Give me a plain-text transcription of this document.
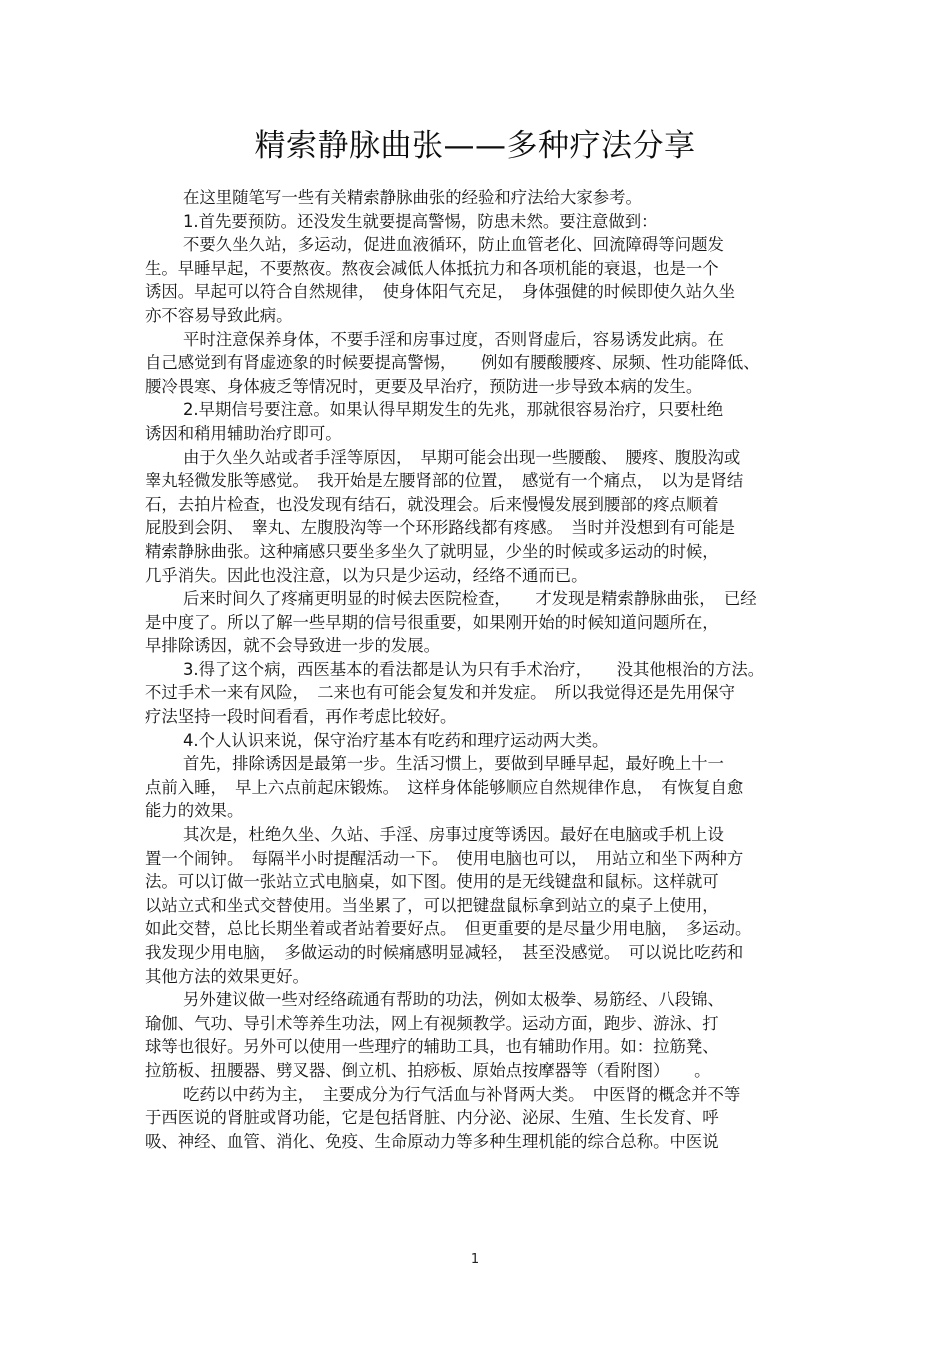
精索静脉曲张——多种疗法分享
在这里随笔写一些有关精索静脉曲张的经验和疗法给大家参考。
1.首先要预防。还没发生就要提高警惕，防患未然。要注意做到：
不要久坐久站，多运动，促进血液循环，防止血管老化、回流障碍等问题发
生。早睡早起，不要熬夜。熬夜会减低人体抵抗力和各项机能的衰退，也是一个
诱因。早起可以符合自然规律，　使身体阳气充足，　身体强健的时候即使久站久坐
亦不容易导致此病。
平时注意保养身体，不要手淫和房事过度，否则肾虚后，容易诱发此病。在
自己感觉到有肾虚迹象的时候要提高警惕，　　例如有腰酸腰疼、尿频、性功能降低、
腰冷畏寒、身体疲乏等情况时，更要及早治疗，预防进一步导致本病的发生。
2.早期信号要注意。如果认得早期发生的先兆，那就很容易治疗，只要杜绝
诱因和稍用辅助治疗即可。
由于久坐久站或者手淫等原因，　早期可能会出现一些腰酸、　腰疼、腹股沟或
睾丸轻微发胀等感觉。　我开始是左腰肾部的位置，　感觉有一个痛点，　以为是肾结
石，去拍片检查，也没发现有结石，就没理会。后来慢慢发展到腰部的疼点顺着
屁股到会阴、　睾丸、左腹股沟等一个环形路线都有疼感。　当时并没想到有可能是
精索静脉曲张。这种痛感只要坐多坐久了就明显，少坐的时候或多运动的时候，
几乎消失。因此也没注意，以为只是少运动，经络不通而已。
后来时间久了疼痛更明显的时候去医院检查，　　才发现是精索静脉曲张，　已经
是中度了。所以了解一些早期的信号很重要，如果刚开始的时候知道问题所在，
早排除诱因，就不会导致进一步的发展。
3.得了这个病，西医基本的看法都是认为只有手术治疗，　　没其他根治的方法。
不过手术一来有风险，　二来也有可能会复发和并发症。　所以我觉得还是先用保守
疗法坚持一段时间看看，再作考虑比较好。
4.个人认识来说，保守治疗基本有吃药和理疗运动两大类。
首先，排除诱因是最第一步。生活习惯上，要做到早睡早起，最好晚上十一
点前入睡，　早上六点前起床锻炼。　这样身体能够顺应自然规律作息，　有恢复自愈
能力的效果。
其次是，杜绝久坐、久站、手淫、房事过度等诱因。最好在电脑或手机上设
置一个闹钟。　每隔半小时提醒活动一下。　使用电脑也可以，　用站立和坐下两种方
法。可以订做一张站立式电脑桌，如下图。使用的是无线键盘和鼠标。这样就可
以站立式和坐式交替使用。当坐累了，可以把键盘鼠标拿到站立的桌子上使用，
如此交替，总比长期坐着或者站着要好点。　但更重要的是尽量少用电脑，　多运动。
我发现少用电脑，　多做运动的时候痛感明显减轻，　甚至没感觉。　可以说比吃药和
其他方法的效果更好。
另外建议做一些对经络疏通有帮助的功法，例如太极拳、易筋经、八段锦、
瑜伽、气功、导引术等养生功法，网上有视频教学。运动方面，跑步、游泳、打
球等也很好。另外可以使用一些理疗的辅助工具，也有辅助作用。如：拉筋凳、
拉筋板、扭腰器、劈叉器、倒立机、拍痧板、原始点按摩器等（看附图）　　。
吃药以中药为主，　主要成分为行气活血与补肾两大类。　中医肾的概念并不等
于西医说的肾脏或肾功能，它是包括肾脏、内分泌、泌尿、生殖、生长发育、呼
吸、神经、血管、消化、免疫、生命原动力等多种生理机能的综合总称。中医说
1
